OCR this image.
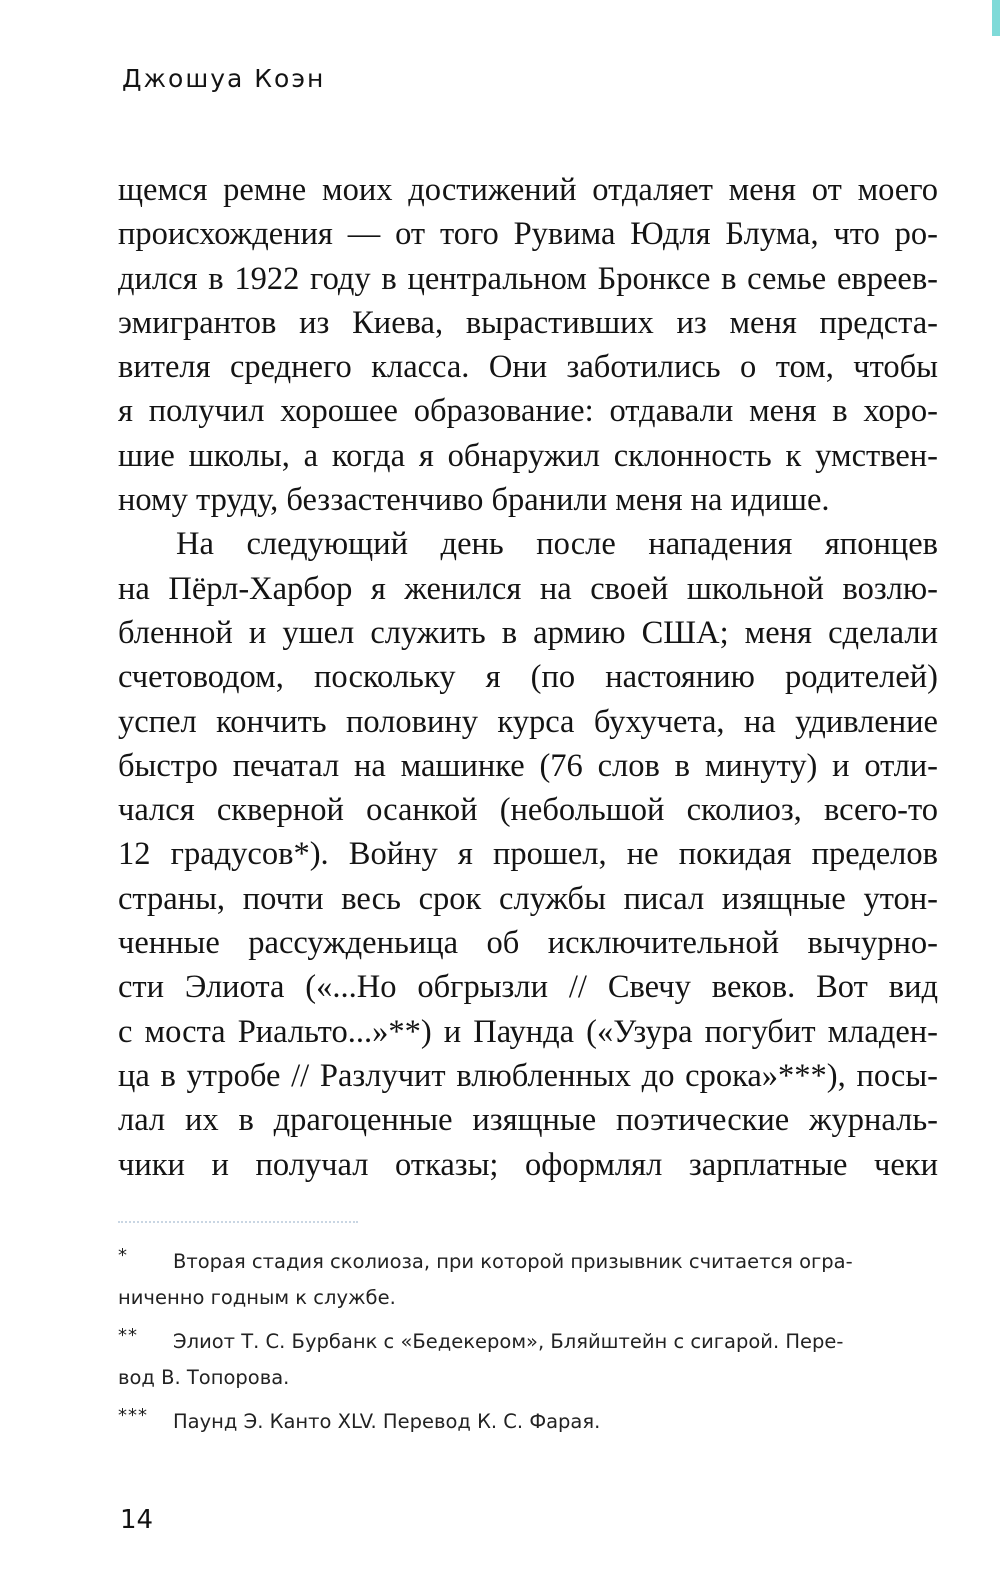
Джошуа Коэн
щемся ремне моих достижений отдаляет меня от моего
происхождения — от того Рувима Юдля Блума, что ро-
дился в 1922 году в центральном Бронксе в семье евреев-
эмигрантов из Киева, вырастивших из меня предста-
вителя среднего класса. Они заботились о том, чтобы
я получил хорошее образование: отдавали меня в хоро-
шие школы, а когда я обнаружил склонность к умствен-
ному труду, беззастенчиво бранили меня на идише.
На следующий день после нападения японцев
на Пёрл-Харбор я женился на своей школьной возлю-
бленной и ушел служить в армию США; меня сделали
счетоводом, поскольку я (по настоянию родителей)
успел кончить половину курса бухучета, на удивление
быстро печатал на машинке (76 слов в минуту) и отли-
чался скверной осанкой (небольшой сколиоз, всего-то
12 градусов*). Войну я прошел, не покидая пределов
страны, почти весь срок службы писал изящные утон-
ченные рассужденьица об исключительной вычурно-
сти Элиота («...Но обгрызли // Свечу веков. Вот вид
с моста Риальто...»**) и Паунда («Узура погубит младен-
ца в утробе // Разлучит влюбленных до срока»***), посы-
лал их в драгоценные изящные поэтические журналь-
чики и получал отказы; оформлял зарплатные чеки
* Вторая стадия сколиоза, при которой призывник считается огра-
ниченно годным к службе.
** Элиот Т. С. Бурбанк с «Бедекером», Бляйштейн с сигарой. Пере-
вод В. Топорова.
*** Паунд Э. Канто XLV. Перевод К. С. Фарая.
14
